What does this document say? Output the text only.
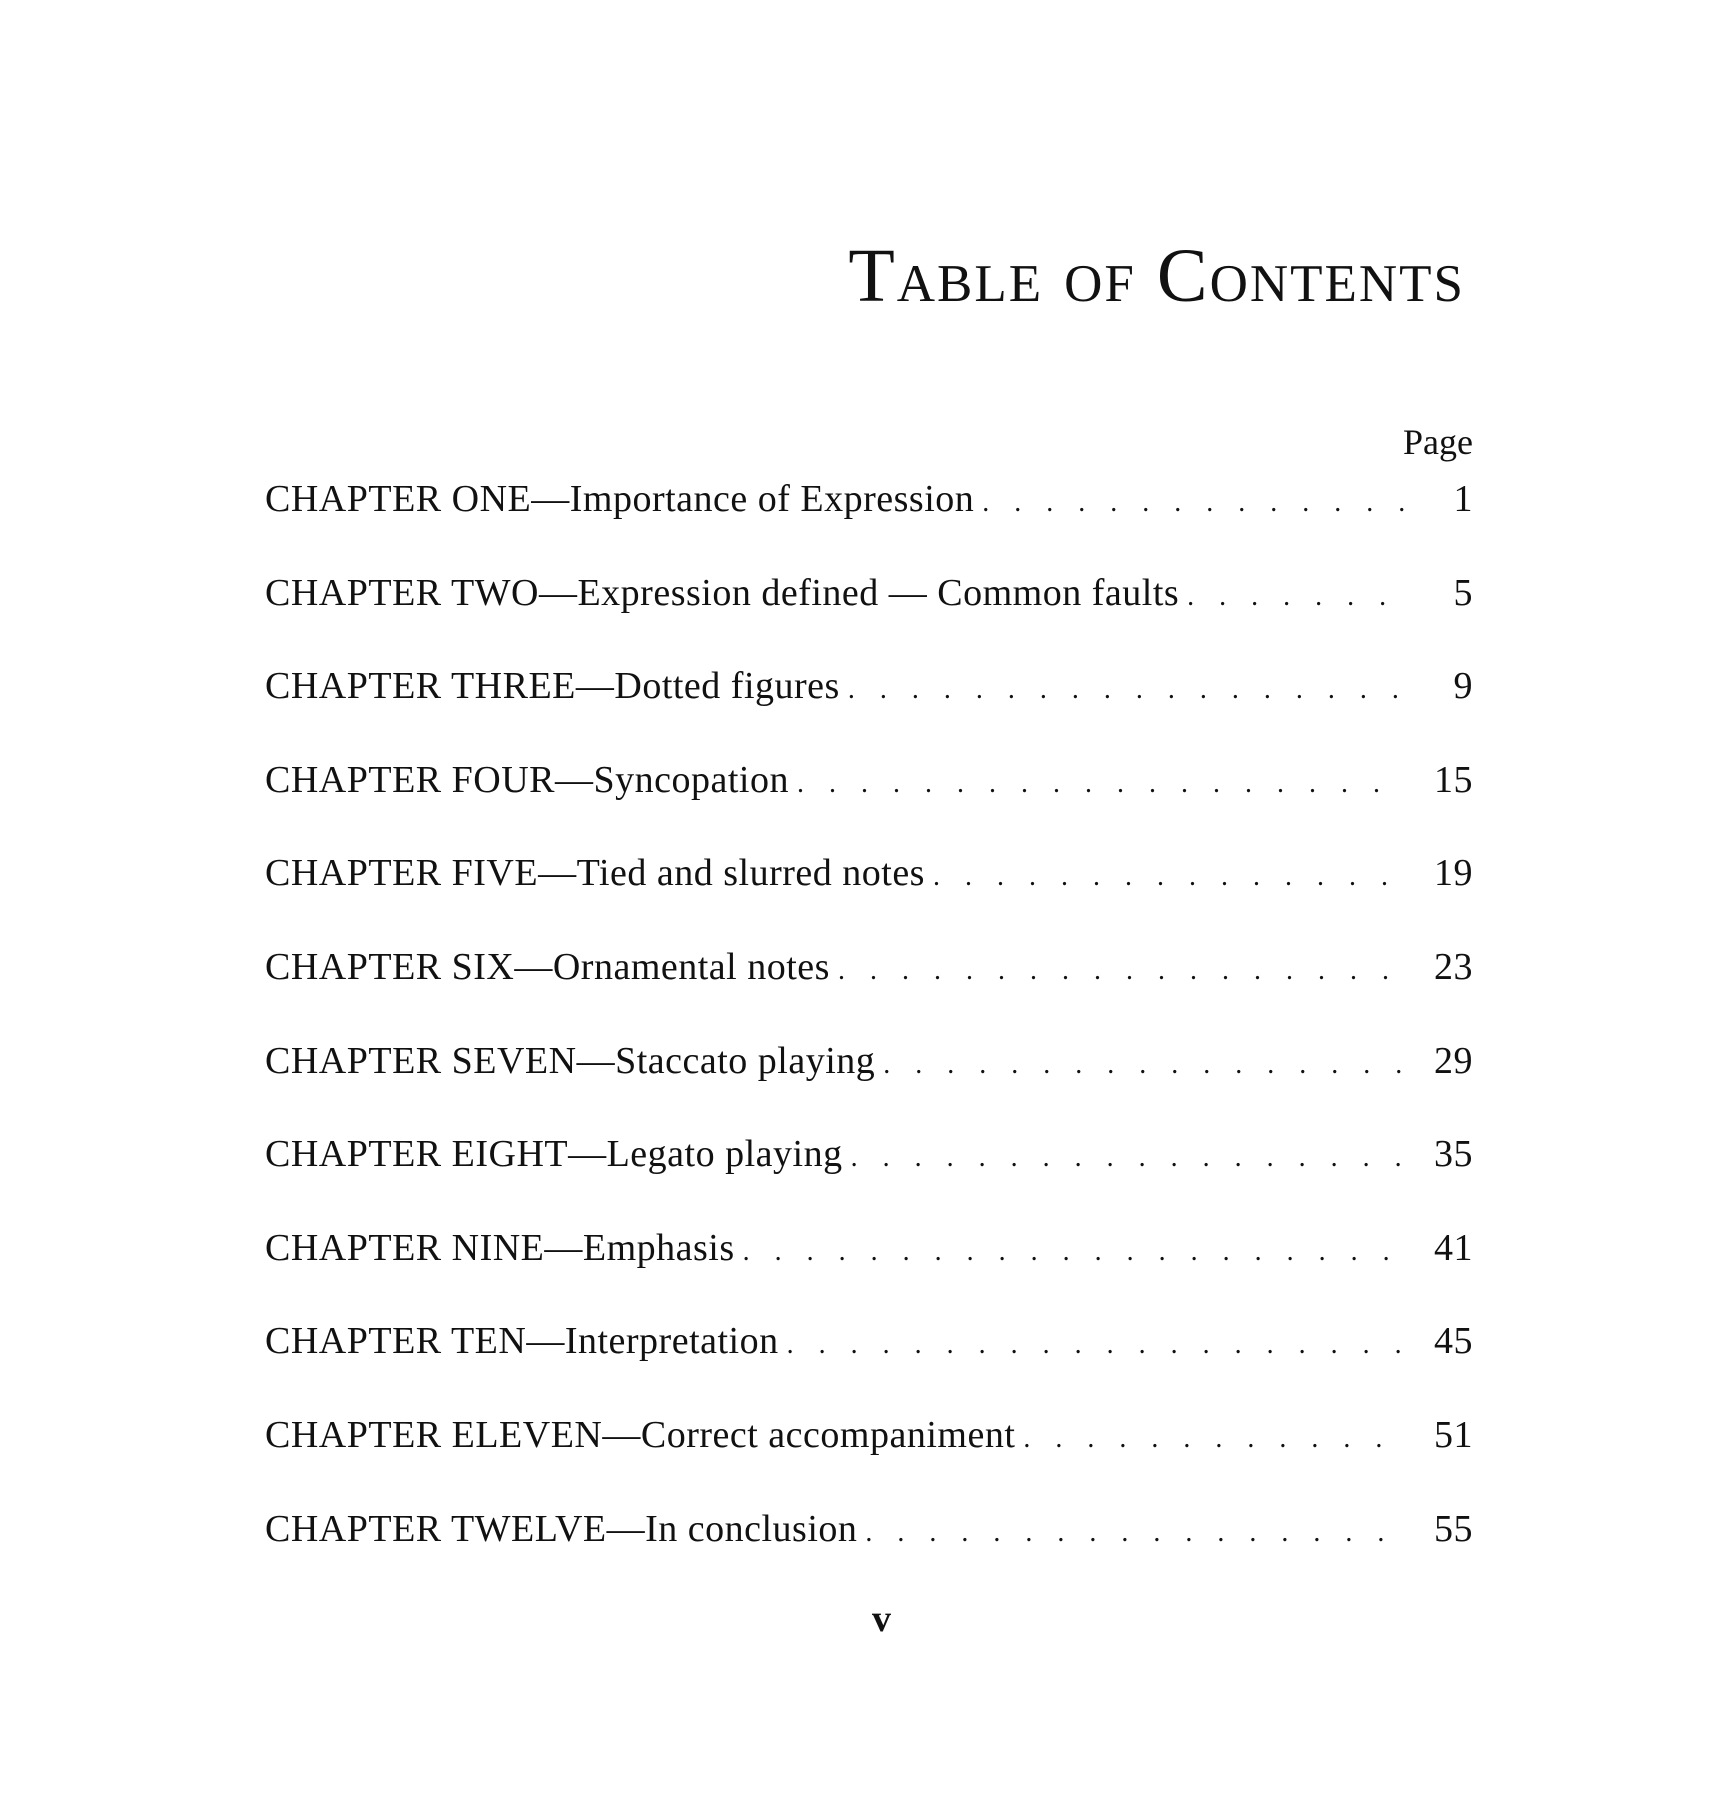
Table of Contents
Page
CHAPTER ONE—Importance of Expression . . .	1
CHAPTER TWO—Expression defined — Common faults . . .	5
CHAPTER THREE—Dotted figures . . .	9
CHAPTER FOUR—Syncopation . . .	15
CHAPTER FIVE—Tied and slurred notes . . .	19
CHAPTER SIX—Ornamental notes . . .	23
CHAPTER SEVEN—Staccato playing . . .	29
CHAPTER EIGHT—Legato playing . . .	35
CHAPTER NINE—Emphasis . . .	41
CHAPTER TEN—Interpretation . . .	45
CHAPTER ELEVEN—Correct accompaniment . . .	51
CHAPTER TWELVE—In conclusion . . .	55
v
